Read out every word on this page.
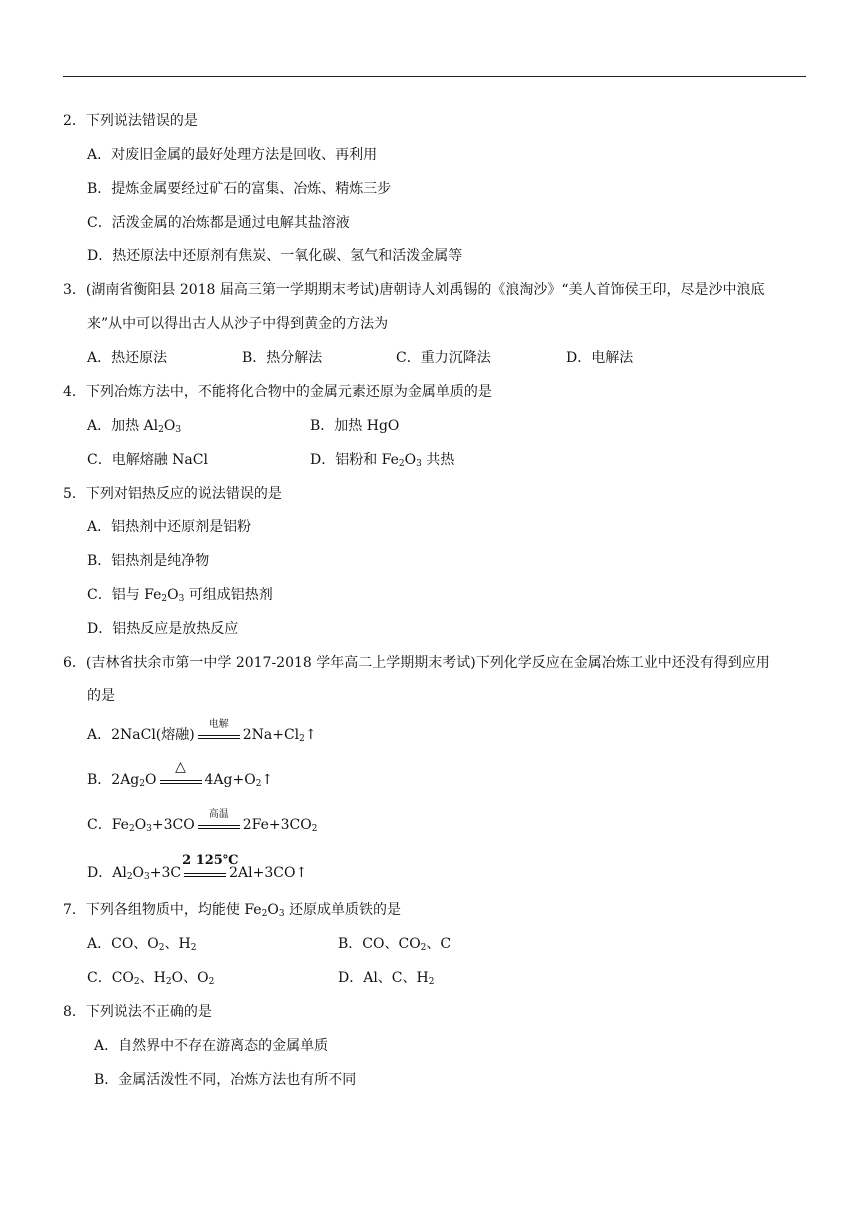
2．下列说法错误的是
A．对废旧金属的最好处理方法是回收、再利用
B．提炼金属要经过矿石的富集、冶炼、精炼三步
C．活泼金属的冶炼都是通过电解其盐溶液
D．热还原法中还原剂有焦炭、一氧化碳、氢气和活泼金属等
3．(湖南省衡阳县 2018 届高三第一学期期末考试)唐朝诗人刘禹锡的《浪淘沙》“美人首饰侯王印，尽是沙中浪底
来”从中可以得出古人从沙子中得到黄金的方法为
A．热还原法	B．热分解法	C．重力沉降法	D．电解法
4．下列冶炼方法中，不能将化合物中的金属元素还原为金属单质的是
A．加热 $Al_2O_3$	B．加热 HgO
C．电解熔融 NaCl	D．铝粉和 $Fe_2O_3$ 共热
5．下列对铝热反应的说法错误的是
A．铝热剂中还原剂是铝粉
B．铝热剂是纯净物
C．铝与 $Fe_2O_3$ 可组成铝热剂
D．铝热反应是放热反应
6．(吉林省扶余市第一中学 2017-2018 学年高二上学期期末考试)下列化学反应在金属冶炼工业中还没有得到应用
的是
A．2NaCl(熔融)
电解
$2Na+Cl_2↑$
B．$2Ag_2O$
△
$4Ag+O_2↑$
C．$Fe_2O_3+3CO$
高温
$2Fe+3CO_2$
D．$Al_2O_3+3C$
2 125℃
2Al+3CO↑
7．下列各组物质中，均能使 $Fe_2O_3$ 还原成单质铁的是
A．CO、$O_2$、$H_2$	B．CO、$CO_2$、C
C．$CO_2$、$H_2O$、$O_2$	D．Al、C、$H_2$
8．下列说法不正确的是
A．自然界中不存在游离态的金属单质
B．金属活泼性不同，冶炼方法也有所不同
